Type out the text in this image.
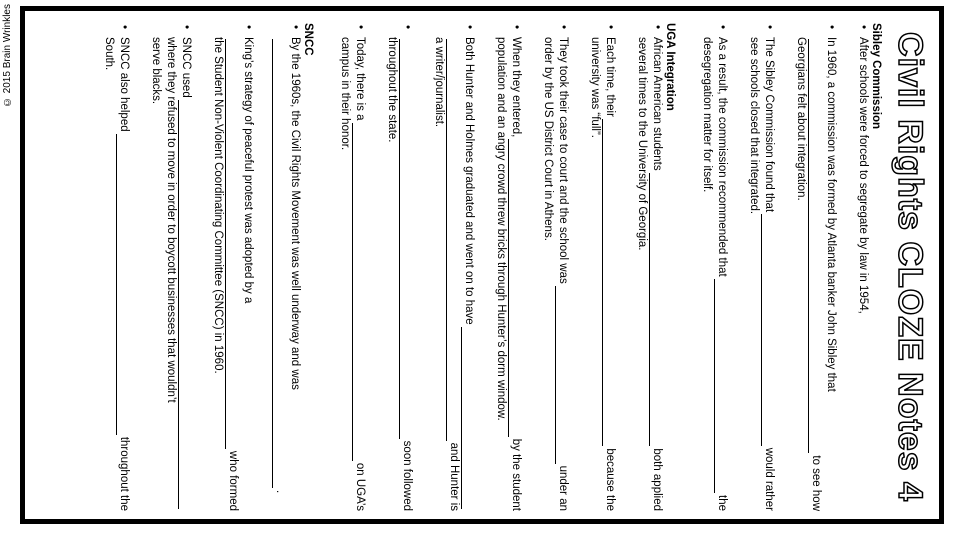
© 2015 Brain Wrinkles	Civil Rights CLOZE Notes 4
Sibley Commission
• After schools were forced to segregate by law in 1954,
• In 1960, a commission was formed by Atlanta banker John Sibley that
to see how
Georgians felt about integration.
• The Sibley Commission found that
would rather
see schools closed that integrated.
• As a result, the commission recommended that
the
desegregation matter for itself.
UGA Integration
• African American students
both applied
several times to the University of Georgia.
• Each time, their
because the
university was “full”.
• They took their case to court and the school was
under an
order by the US District Court in Athens.
• When they entered,
by the student
population and an angry crowd threw bricks through Hunter’s dorm window.
• Both Hunter and Holmes graduated and went on to have
and Hunter is
a writer/journalist.
• soon followed
throughout the state.
• Today, there is a
on UGA’s
campus in their honor.
SNCC
• By the 1960s, the Civil Rights Movement was well underway and was
.
• King’s strategy of peaceful protest was adopted by a
who formed
the Student Non-Violent Coordinating Committee (SNCC) in 1960.
• SNCC used
where they refused to move in order to boycott businesses that wouldn’t
serve blacks.
• SNCC also helped
throughout the
South.
